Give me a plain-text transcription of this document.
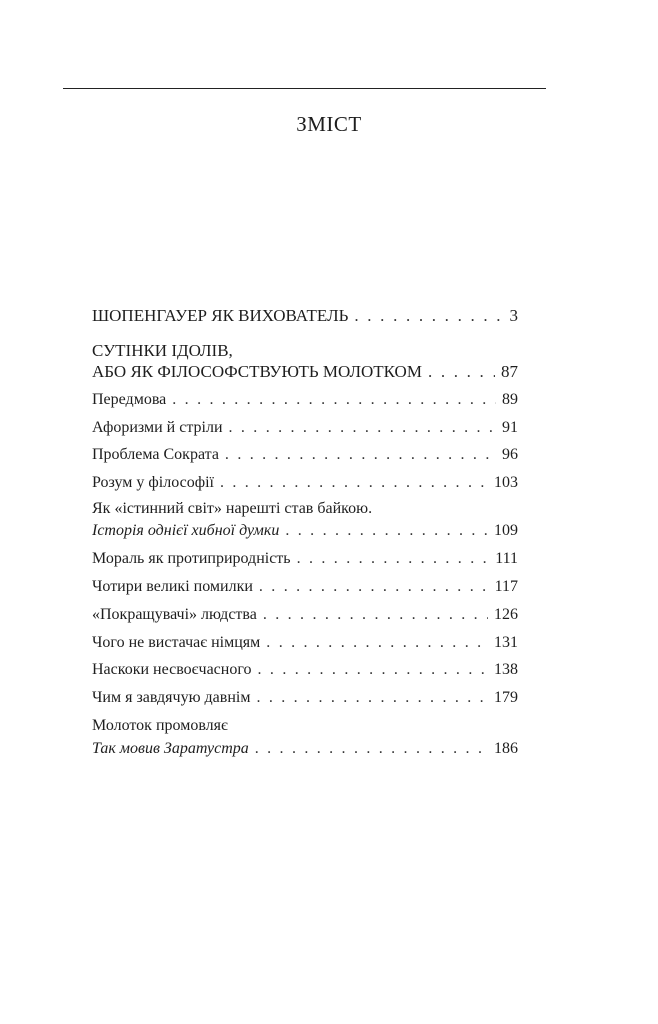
ЗМІСТ
ШОПЕНГАУЕР ЯК ВИХОВАТЕЛЬ . . .	3
СУТІНКИ ІДОЛІВ,
АБО ЯК ФІЛОСОФСТВУЮТЬ МОЛОТКОМ . . .	87
Передмова . . .	89
Афоризми й стріли . . .	91
Проблема Сократа . . .	96
Розум у філософії . . .	103
Як «істинний світ» нарешті став байкою.
Історія однієї хибної думки . . .	109
Мораль як протиприродність . . .	111
Чотири великі помилки . . .	117
«Покращувачі» людства . . .	126
Чого не вистачає німцям . . .	131
Наскоки несвоєчасного . . .	138
Чим я завдячую давнім . . .	179
Молоток промовляє
Так мовив Заратустра . . .	186
